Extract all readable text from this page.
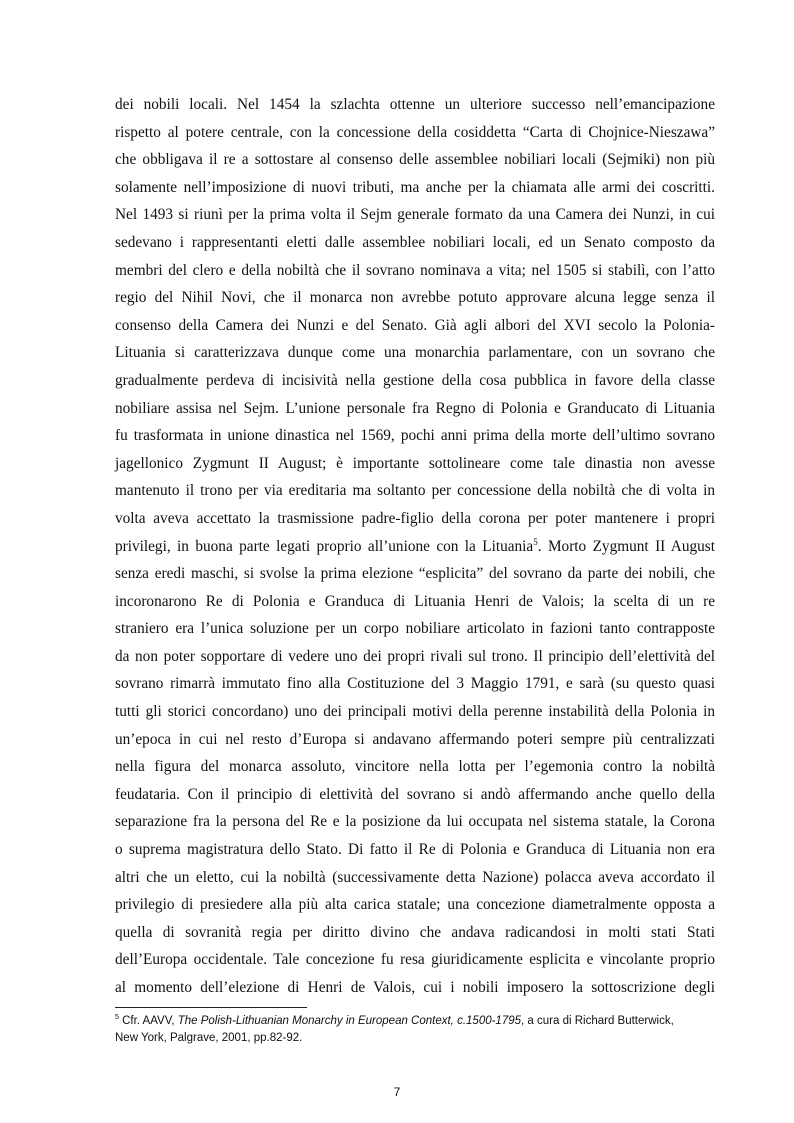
dei nobili locali. Nel 1454 la szlachta ottenne un ulteriore successo nell’emancipazione
rispetto al potere centrale, con la concessione della cosiddetta “Carta di Chojnice-Nieszawa”
che obbligava il re a sottostare al consenso delle assemblee nobiliari locali (Sejmiki) non più
solamente nell’imposizione di nuovi tributi, ma anche per la chiamata alle armi dei coscritti.
Nel 1493 si riunì per la prima volta il Sejm generale formato da una Camera dei Nunzi, in cui
sedevano i rappresentanti eletti dalle assemblee nobiliari locali, ed un Senato composto da
membri del clero e della nobiltà che il sovrano nominava a vita; nel 1505 si stabilì, con l’atto
regio del Nihil Novi, che il monarca non avrebbe potuto approvare alcuna legge senza il
consenso della Camera dei Nunzi e del Senato. Già agli albori del XVI secolo la Polonia-
Lituania si caratterizzava dunque come una monarchia parlamentare, con un sovrano che
gradualmente perdeva di incisività nella gestione della cosa pubblica in favore della classe
nobiliare assisa nel Sejm. L’unione personale fra Regno di Polonia e Granducato di Lituania
fu trasformata in unione dinastica nel 1569, pochi anni prima della morte dell’ultimo sovrano
jagellonico Zygmunt II August; è importante sottolineare come tale dinastia non avesse
mantenuto il trono per via ereditaria ma soltanto per concessione della nobiltà che di volta in
volta aveva accettato la trasmissione padre-figlio della corona per poter mantenere i propri
privilegi, in buona parte legati proprio all’unione con la Lituania$^5$. Morto Zygmunt II August
senza eredi maschi, si svolse la prima elezione “esplicita” del sovrano da parte dei nobili, che
incoronarono Re di Polonia e Granduca di Lituania Henri de Valois; la scelta di un re
straniero era l’unica soluzione per un corpo nobiliare articolato in fazioni tanto contrapposte
da non poter sopportare di vedere uno dei propri rivali sul trono. Il principio dell’elettività del
sovrano rimarrà immutato fino alla Costituzione del 3 Maggio 1791, e sarà (su questo quasi
tutti gli storici concordano) uno dei principali motivi della perenne instabilità della Polonia in
un’epoca in cui nel resto d’Europa si andavano affermando poteri sempre più centralizzati
nella figura del monarca assoluto, vincitore nella lotta per l’egemonia contro la nobiltà
feudataria. Con il principio di elettività del sovrano si andò affermando anche quello della
separazione fra la persona del Re e la posizione da lui occupata nel sistema statale, la Corona
o suprema magistratura dello Stato. Di fatto il Re di Polonia e Granduca di Lituania non era
altri che un eletto, cui la nobiltà (successivamente detta Nazione) polacca aveva accordato il
privilegio di presiedere alla più alta carica statale; una concezione diametralmente opposta a
quella di sovranità regia per diritto divino che andava radicandosi in molti stati Stati
dell’Europa occidentale. Tale concezione fu resa giuridicamente esplicita e vincolante proprio
al momento dell’elezione di Henri de Valois, cui i nobili imposero la sottoscrizione degli
$^5$ Cfr. AAVV, The Polish-Lithuanian Monarchy in European Context, c.1500-1795, a cura di Richard Butterwick,
New York, Palgrave, 2001, pp.82-92.
7
